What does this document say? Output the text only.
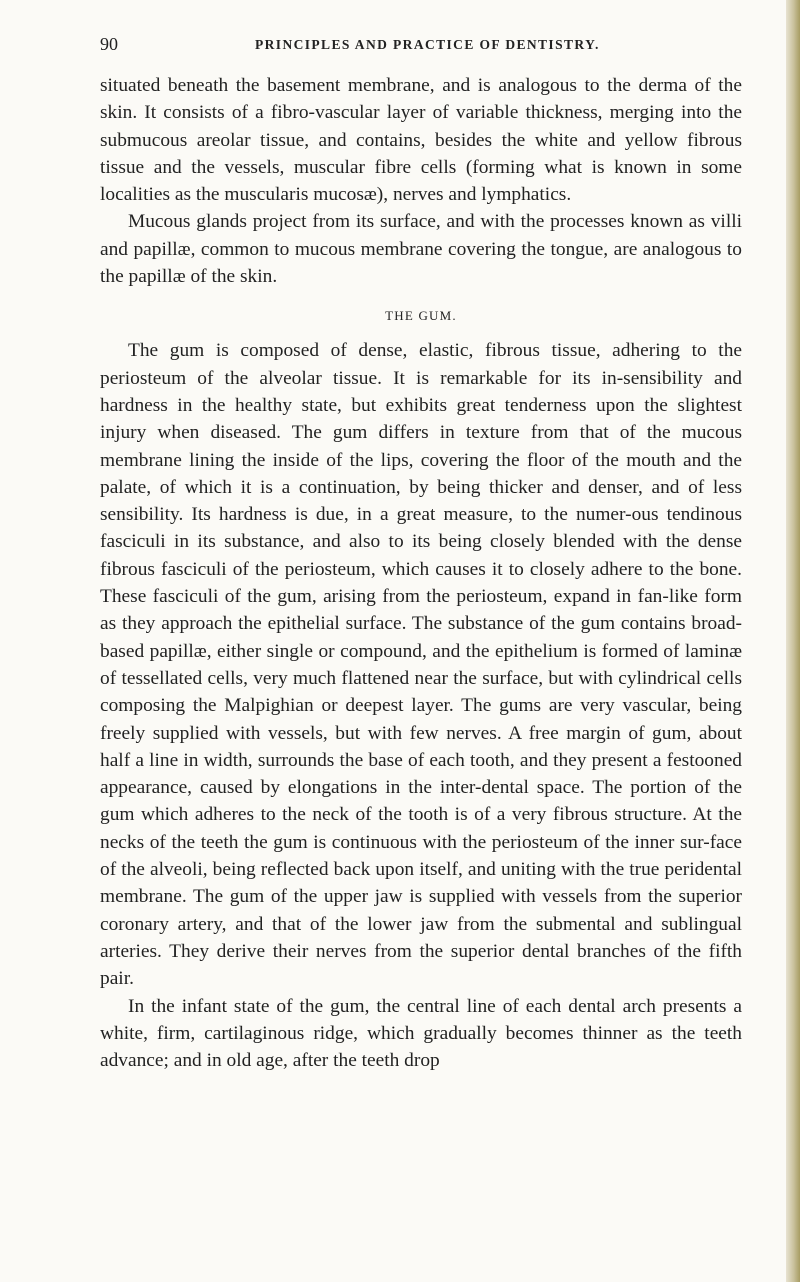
90	PRINCIPLES AND PRACTICE OF DENTISTRY.

situated beneath the basement membrane, and is analogous to the derma of the skin. It consists of a fibro-vascular layer of variable thickness, merging into the submucous areolar tissue, and contains, besides the white and yellow fibrous tissue and the vessels, muscular fibre cells (forming what is known in some localities as the muscularis mucosæ), nerves and lymphatics.

Mucous glands project from its surface, and with the processes known as villi and papillæ, common to mucous membrane covering the tongue, are analogous to the papillæ of the skin.

THE GUM.

The gum is composed of dense, elastic, fibrous tissue, adhering to the periosteum of the alveolar tissue. It is remarkable for its in-sensibility and hardness in the healthy state, but exhibits great tenderness upon the slightest injury when diseased. The gum differs in texture from that of the mucous membrane lining the inside of the lips, covering the floor of the mouth and the palate, of which it is a continuation, by being thicker and denser, and of less sensibility. Its hardness is due, in a great measure, to the numer-ous tendinous fasciculi in its substance, and also to its being closely blended with the dense fibrous fasciculi of the periosteum, which causes it to closely adhere to the bone. These fasciculi of the gum, arising from the periosteum, expand in fan-like form as they approach the epithelial surface. The substance of the gum contains broad-based papillæ, either single or compound, and the epithelium is formed of laminæ of tessellated cells, very much flattened near the surface, but with cylindrical cells composing the Malpighian or deepest layer. The gums are very vascular, being freely supplied with vessels, but with few nerves. A free margin of gum, about half a line in width, surrounds the base of each tooth, and they present a festooned appearance, caused by elongations in the inter-dental space. The portion of the gum which adheres to the neck of the tooth is of a very fibrous structure. At the necks of the teeth the gum is continuous with the periosteum of the inner sur-face of the alveoli, being reflected back upon itself, and uniting with the true peridental membrane. The gum of the upper jaw is supplied with vessels from the superior coronary artery, and that of the lower jaw from the submental and sublingual arteries. They derive their nerves from the superior dental branches of the fifth pair.

In the infant state of the gum, the central line of each dental arch presents a white, firm, cartilaginous ridge, which gradually becomes thinner as the teeth advance; and in old age, after the teeth drop
